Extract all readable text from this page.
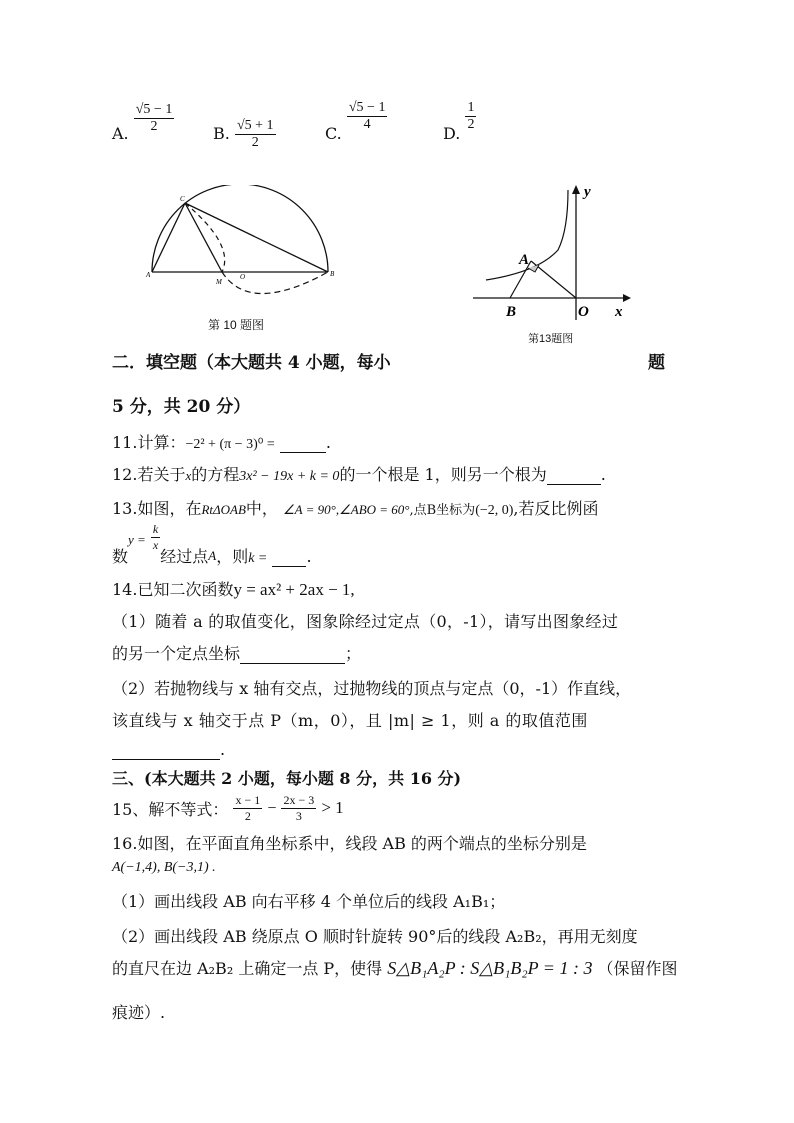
A. $\frac{√5 - 1}{2} B$. $\frac{√5 + 1}{2}$	C.
$\frac{√5 - 1}{4}$
D.
$\frac{1}{2}$
C
A
M
O	B
第 10 题图
y
A
B	O x
第13题图
二．填空题（本大题共 4 小题，每小	题
5 分，共 20 分）
11.计算：−2² + (π − 3)⁰ =	.
12.若关于x的方程3x² − 19x + k = 0的一个根是 1，则另一个根为	.
13.如图，在RtΔOAB中， ∠A = 90°,∠ABO = 60°,点B坐标为(−2, 0),若反比例函
数$y = \frac{k}{x}$
经过点$_A$，则k = .
14.已知二次函数y = ax² + 2ax − 1,
（1）随着 a 的取值变化，图象除经过定点（0，-1），请写出图象经过
的另一个定点坐标	；
（2）若抛物线与 x 轴有交点，过抛物线的顶点与定点（0，-1）作直线，
该直线与 x 轴交于点 P（m，0），且 |m| ≥ 1，则 a 的取值范围
.
三、(本大题共 2 小题，每小题 8 分，共 16 分)
15、解不等式： $\frac{x - 1}{2} - \frac{2x - 3}{3} > 1$
16.如图，在平面直角坐标系中，线段 AB 的两个端点的坐标分别是
A(−1,4), B(−3,1) .
（1）画出线段 AB 向右平移 4 个单位后的线段 A₁B₁；
（2）画出线段 AB 绕原点 O 顺时针旋转 90°后的线段 A₂B₂，再用无刻度
的直尺在边 A₂B₂ 上确定一点 P，使得 S△B₁A₂P : S△B₁B₂P = 1 : 3 （保留作图
痕迹）.
